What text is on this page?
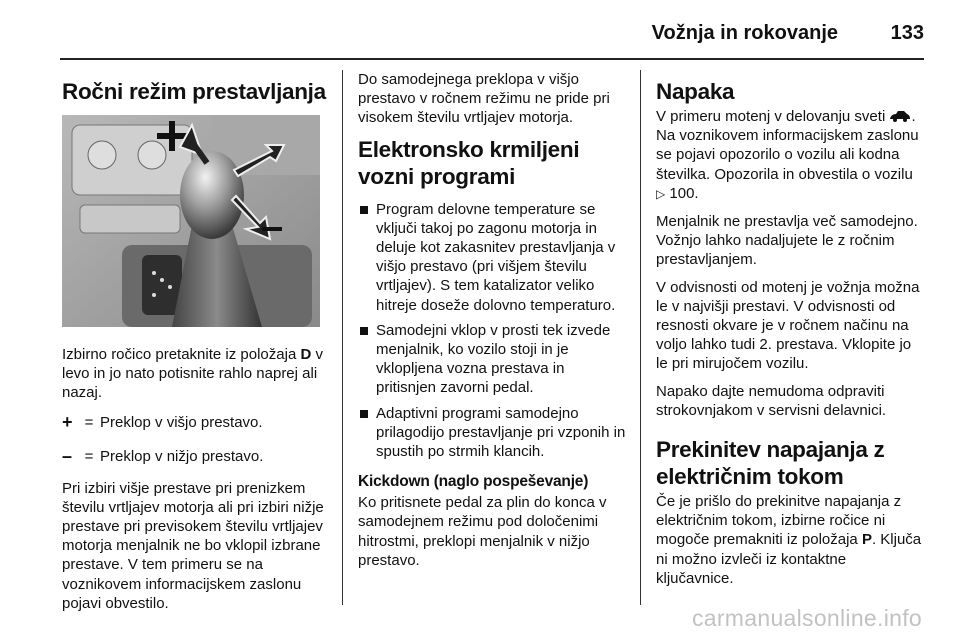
Vožnja in rokovanje	133
Ročni režim prestavljanja

Izbirno ročico pretaknite iz položaja D v levo in jo nato potisnite rahlo naprej ali nazaj.

+ = Preklop v višjo prestavo.
– = Preklop v nižjo prestavo.

Pri izbiri višje prestave pri prenizkem številu vrtljajev motorja ali pri izbiri nižje prestave pri previsokem številu vrtljajev motorja menjalnik ne bo vklopil izbrane prestave. V tem primeru se na voznikovem informacijskem zaslonu pojavi obvestilo.

Do samodejnega preklopa v višjo prestavo v ročnem režimu ne pride pri visokem številu vrtljajev motorja.

Elektronsko krmiljeni vozni programi
Program delovne temperature se vključi takoj po zagonu motorja in deluje kot zakasnitev prestavljanja v višjo prestavo (pri višjem številu vrtljajev). S tem katalizator veliko hitreje doseže dolovno temperaturo.
Samodejni vklop v prosti tek izvede menjalnik, ko vozilo stoji in je vklopljena vozna prestava in pritisnjen zavorni pedal.
Adaptivni programi samodejno prilagodijo prestavljanje pri vzponih in spustih po strmih klancih.
Kickdown (naglo pospeševanje)

Ko pritisnete pedal za plin do konca v samodejnem režimu pod določenimi hitrostmi, preklopi menjalnik v nižjo prestavo.

Napaka

V primeru motenj v delovanju sveti . Na voznikovem informacijskem zaslonu se pojavi opozorilo o vozilu ali kodna številka. Opozorila in obvestila o vozilu ▷ 100.

Menjalnik ne prestavlja več samodejno. Vožnjo lahko nadaljujete le z ročnim prestavljanjem.

V odvisnosti od motenj je vožnja možna le v najvišji prestavi. V odvisnosti od resnosti okvare je v ročnem načinu na voljo lahko tudi 2. prestava. Vklopite jo le pri mirujočem vozilu.

Napako dajte nemudoma odpraviti strokovnjakom v servisni delavnici.

Prekinitev napajanja z električnim tokom

Če je prišlo do prekinitve napajanja z električnim tokom, izbirne ročice ni mogoče premakniti iz položaja P. Ključa ni možno izvleči iz kontaktne ključavnice.

carmanualsonline.info
